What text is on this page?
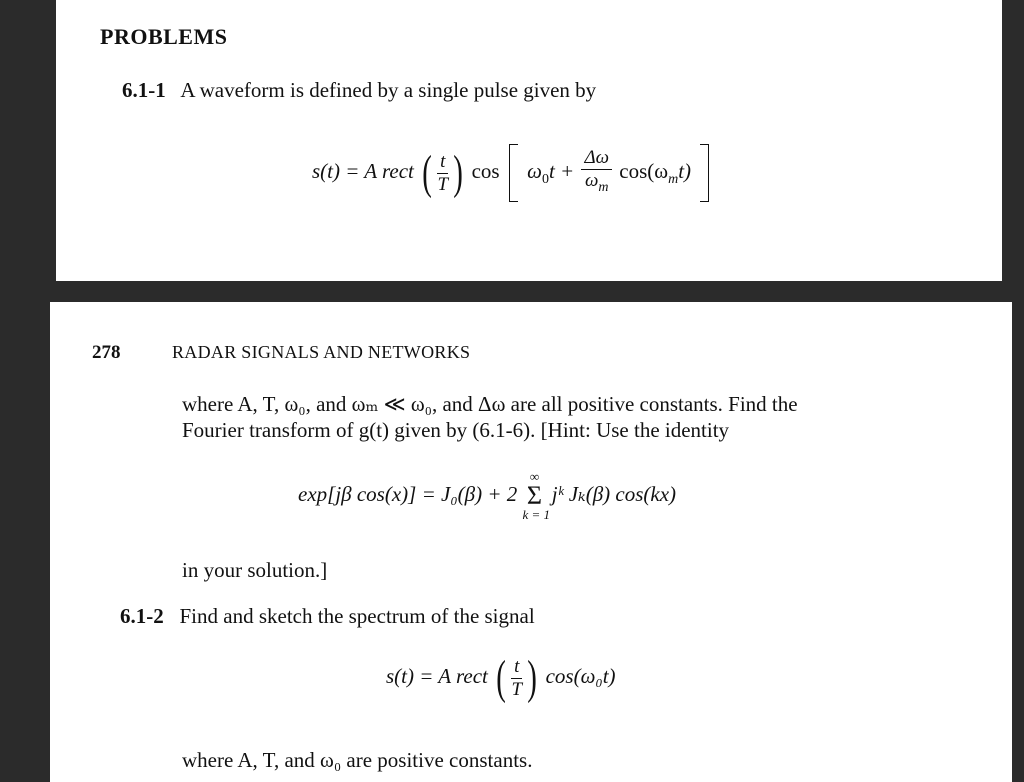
PROBLEMS
6.1-1 A waveform is defined by a single pulse given by
s(t) = A rect ( $\frac{t}{T}$ ) $\cos \omega_0t + \frac{\Delta\omega}{\omega_m} \cos(\omega_mt)$
278	RADAR SIGNALS AND NETWORKS
where A, T, ω₀, and ωₘ ≪ ω₀, and Δω are all positive constants. Find the
Fourier transform of g(t) given by (6.1-6). [Hint: Use the identity
exp[jβ cos(x)] = J₀(β) + 2
∞
Σ
k = 1
jᵏ Jₖ(β) cos(kx)
in your solution.]
6.1-2 Find and sketch the spectrum of the signal
s(t) = A rect ( $\frac{t}{T}$ ) cos(ω₀t)
where A, T, and ω₀ are positive constants.
